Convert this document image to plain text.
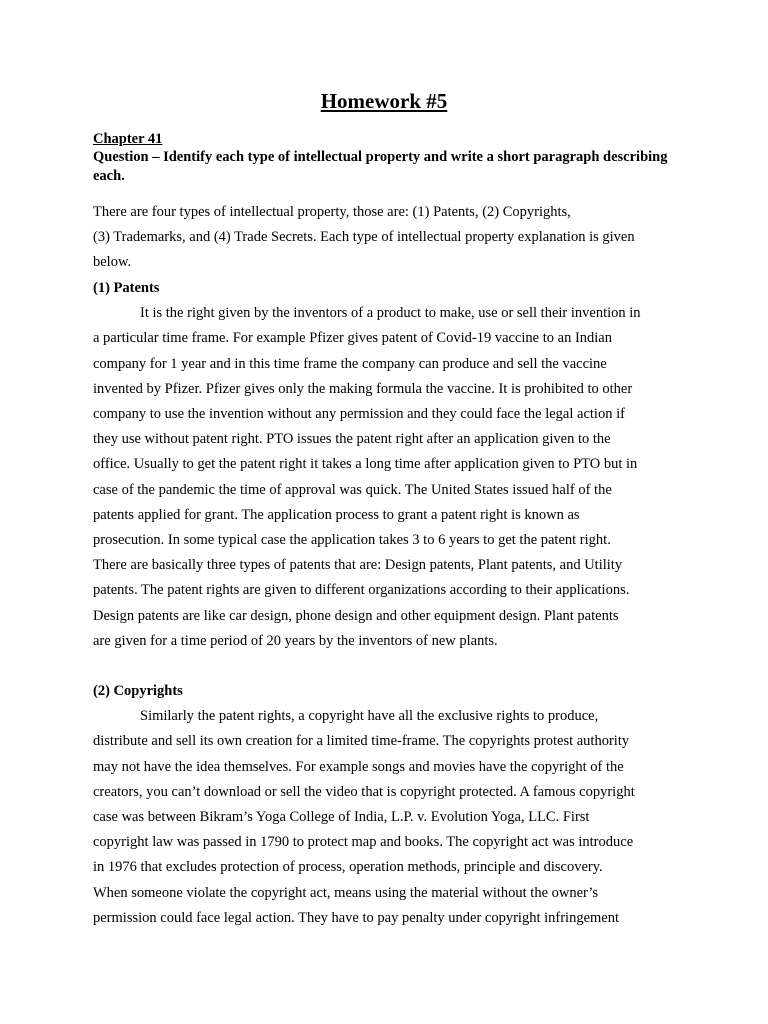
Homework #5
Chapter 41
Question – Identify each type of intellectual property and write a short paragraph describing each.
There are four types of intellectual property, those are: (1) Patents, (2) Copyrights,
(3) Trademarks, and (4) Trade Secrets. Each type of intellectual property explanation is given
below.
(1) Patents
It is the right given by the inventors of a product to make, use or sell their invention in
a particular time frame. For example Pfizer gives patent of Covid-19 vaccine to an Indian
company for 1 year and in this time frame the company can produce and sell the vaccine
invented by Pfizer. Pfizer gives only the making formula the vaccine. It is prohibited to other
company to use the invention without any permission and they could face the legal action if
they use without patent right. PTO issues the patent right after an application given to the
office. Usually to get the patent right it takes a long time after application given to PTO but in
case of the pandemic the time of approval was quick. The United States issued half of the
patents applied for grant. The application process to grant a patent right is known as
prosecution. In some typical case the application takes 3 to 6 years to get the patent right.
There are basically three types of patents that are: Design patents, Plant patents, and Utility
patents. The patent rights are given to different organizations according to their applications.
Design patents are like car design, phone design and other equipment design. Plant patents
are given for a time period of 20 years by the inventors of new plants.
(2) Copyrights
Similarly the patent rights, a copyright have all the exclusive rights to produce,
distribute and sell its own creation for a limited time-frame. The copyrights protest authority
may not have the idea themselves. For example songs and movies have the copyright of the
creators, you can’t download or sell the video that is copyright protected. A famous copyright
case was between Bikram’s Yoga College of India, L.P. v. Evolution Yoga, LLC. First
copyright law was passed in 1790 to protect map and books. The copyright act was introduce
in 1976 that excludes protection of process, operation methods, principle and discovery.
When someone violate the copyright act, means using the material without the owner’s
permission could face legal action. They have to pay penalty under copyright infringement
